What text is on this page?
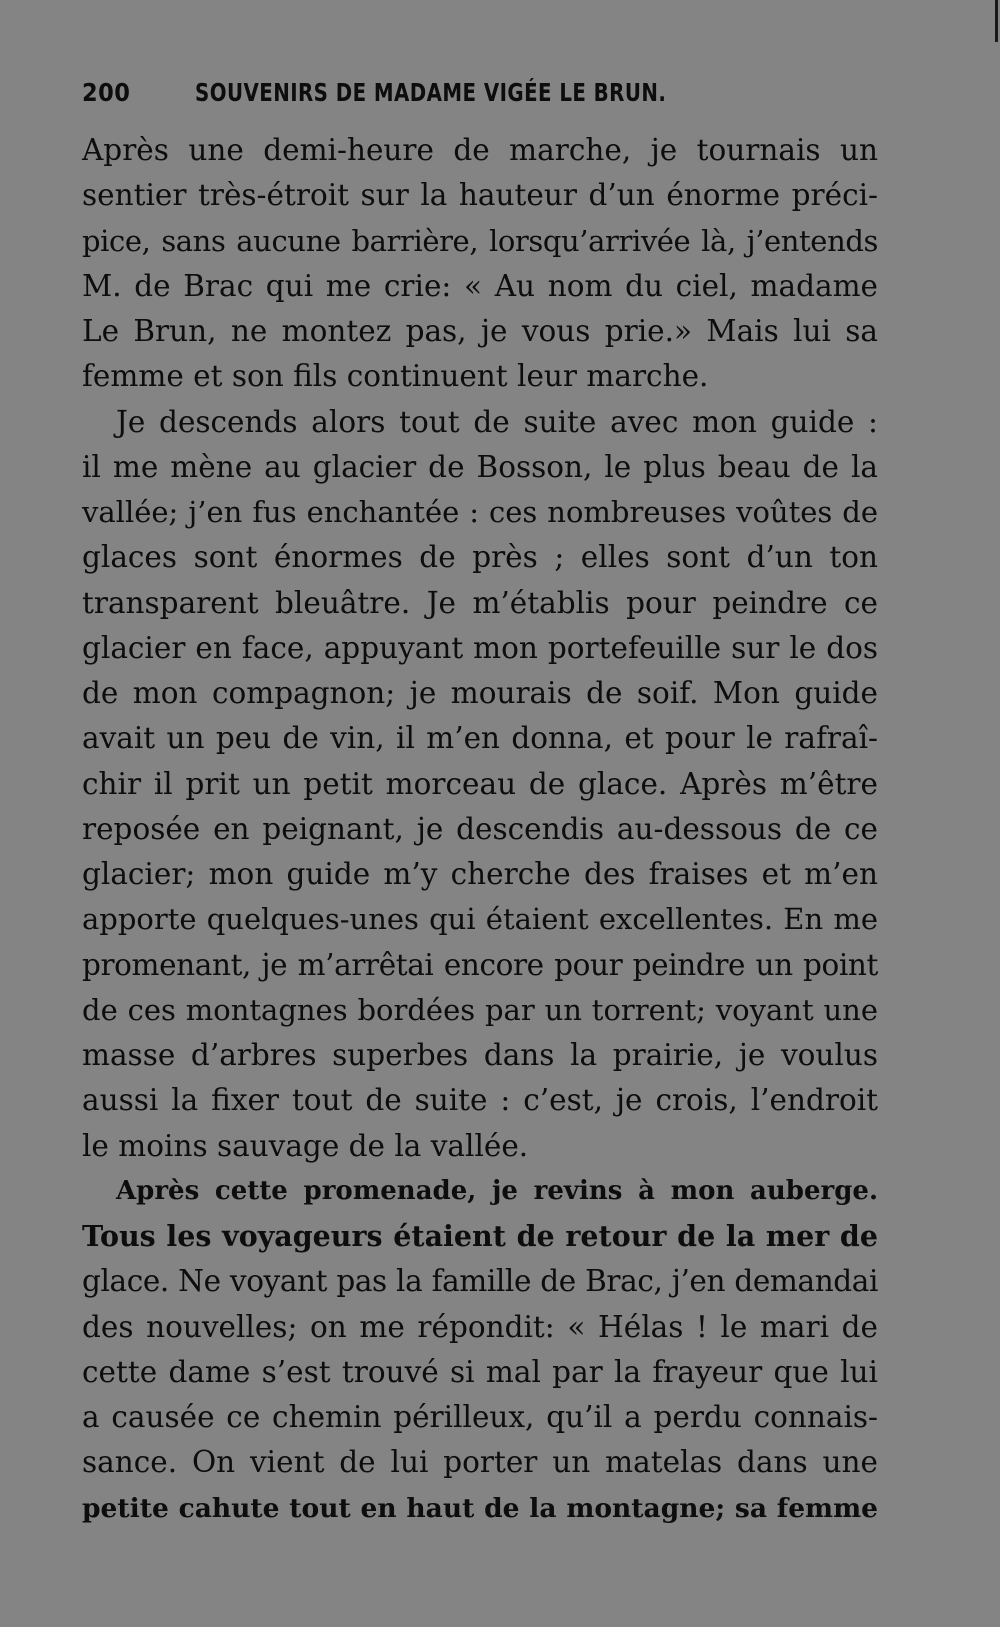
200	SOUVENIRS DE MADAME VIGÉE LE BRUN.
Après une demi-heure de marche, je tournais un
sentier très-étroit sur la hauteur d’un énorme préci-
pice, sans aucune barrière, lorsqu’arrivée là, j’entends
M. de Brac qui me crie: « Au nom du ciel, madame
Le Brun, ne montez pas, je vous prie.» Mais lui sa
femme et son fils continuent leur marche.
Je descends alors tout de suite avec mon guide :
il me mène au glacier de Bosson, le plus beau de la
vallée; j’en fus enchantée : ces nombreuses voûtes de
glaces sont énormes de près ; elles sont d’un ton
transparent bleuâtre. Je m’établis pour peindre ce
glacier en face, appuyant mon portefeuille sur le dos
de mon compagnon; je mourais de soif. Mon guide
avait un peu de vin, il m’en donna, et pour le rafraî-
chir il prit un petit morceau de glace. Après m’être
reposée en peignant, je descendis au-dessous de ce
glacier; mon guide m’y cherche des fraises et m’en
apporte quelques-unes qui étaient excellentes. En me
promenant, je m’arrêtai encore pour peindre un point
de ces montagnes bordées par un torrent; voyant une
masse d’arbres superbes dans la prairie, je voulus
aussi la fixer tout de suite : c’est, je crois, l’endroit
le moins sauvage de la vallée.
Après cette promenade, je revins à mon auberge.
Tous les voyageurs étaient de retour de la mer de
glace. Ne voyant pas la famille de Brac, j’en demandai
des nouvelles; on me répondit: « Hélas ! le mari de
cette dame s’est trouvé si mal par la frayeur que lui
a causée ce chemin périlleux, qu’il a perdu connais-
sance. On vient de lui porter un matelas dans une
petite cahute tout en haut de la montagne; sa femme
